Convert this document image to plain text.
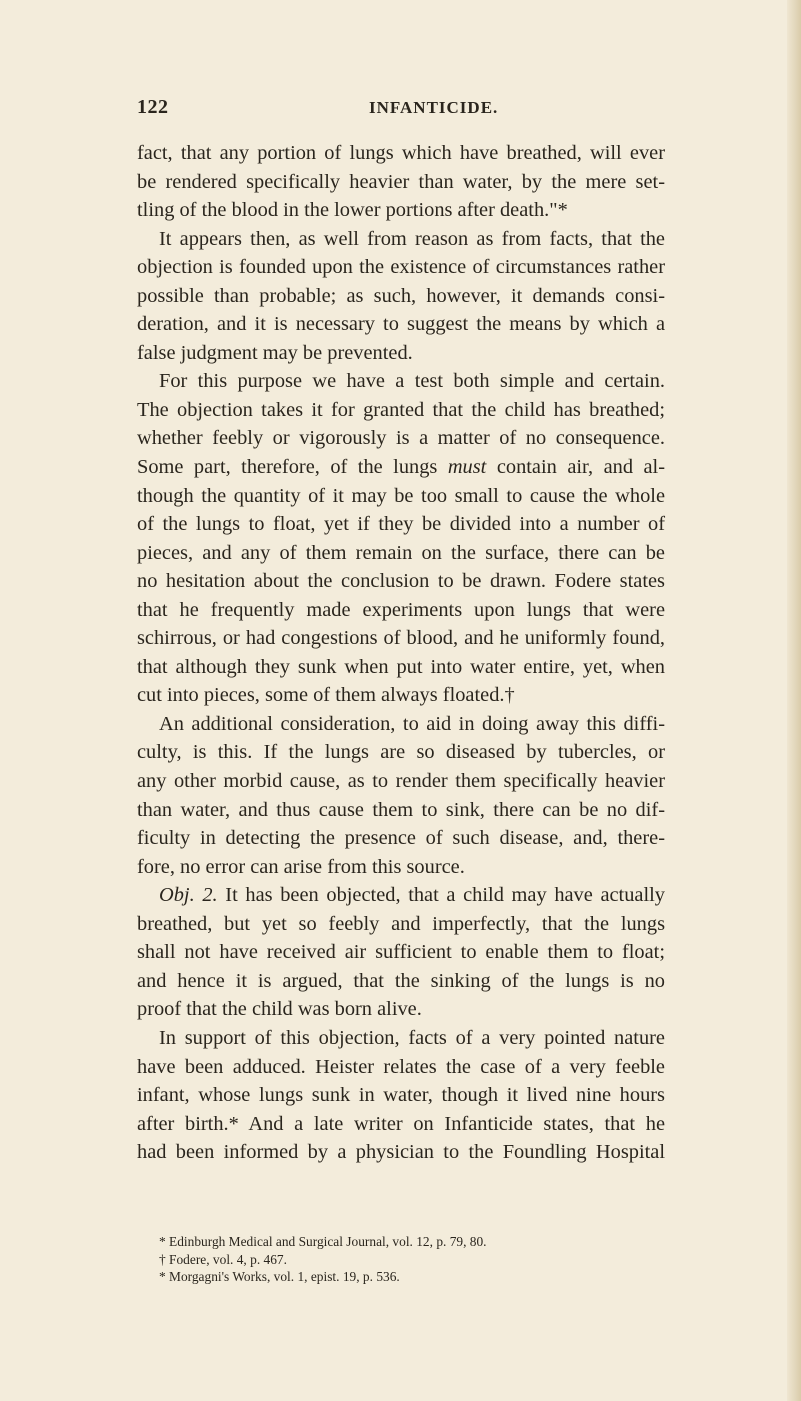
122	INFANTICIDE.
fact, that any portion of lungs which have breathed, will ever
be rendered specifically heavier than water, by the mere set-
tling of the blood in the lower portions after death."*
It appears then, as well from reason as from facts, that the
objection is founded upon the existence of circumstances rather
possible than probable; as such, however, it demands consi-
deration, and it is necessary to suggest the means by which a
false judgment may be prevented.
For this purpose we have a test both simple and certain.
The objection takes it for granted that the child has breathed;
whether feebly or vigorously is a matter of no consequence.
Some part, therefore, of the lungs must contain air, and al-
though the quantity of it may be too small to cause the whole
of the lungs to float, yet if they be divided into a number of
pieces, and any of them remain on the surface, there can be
no hesitation about the conclusion to be drawn. Fodere states
that he frequently made experiments upon lungs that were
schirrous, or had congestions of blood, and he uniformly found,
that although they sunk when put into water entire, yet, when
cut into pieces, some of them always floated.†
An additional consideration, to aid in doing away this diffi-
culty, is this. If the lungs are so diseased by tubercles, or
any other morbid cause, as to render them specifically heavier
than water, and thus cause them to sink, there can be no dif-
ficulty in detecting the presence of such disease, and, there-
fore, no error can arise from this source.
Obj. 2. It has been objected, that a child may have actually
breathed, but yet so feebly and imperfectly, that the lungs
shall not have received air sufficient to enable them to float;
and hence it is argued, that the sinking of the lungs is no
proof that the child was born alive.
In support of this objection, facts of a very pointed nature
have been adduced. Heister relates the case of a very feeble
infant, whose lungs sunk in water, though it lived nine hours
after birth.* And a late writer on Infanticide states, that he
had been informed by a physician to the Foundling Hospital
* Edinburgh Medical and Surgical Journal, vol. 12, p. 79, 80.
† Fodere, vol. 4, p. 467.
* Morgagni's Works, vol. 1, epist. 19, p. 536.
